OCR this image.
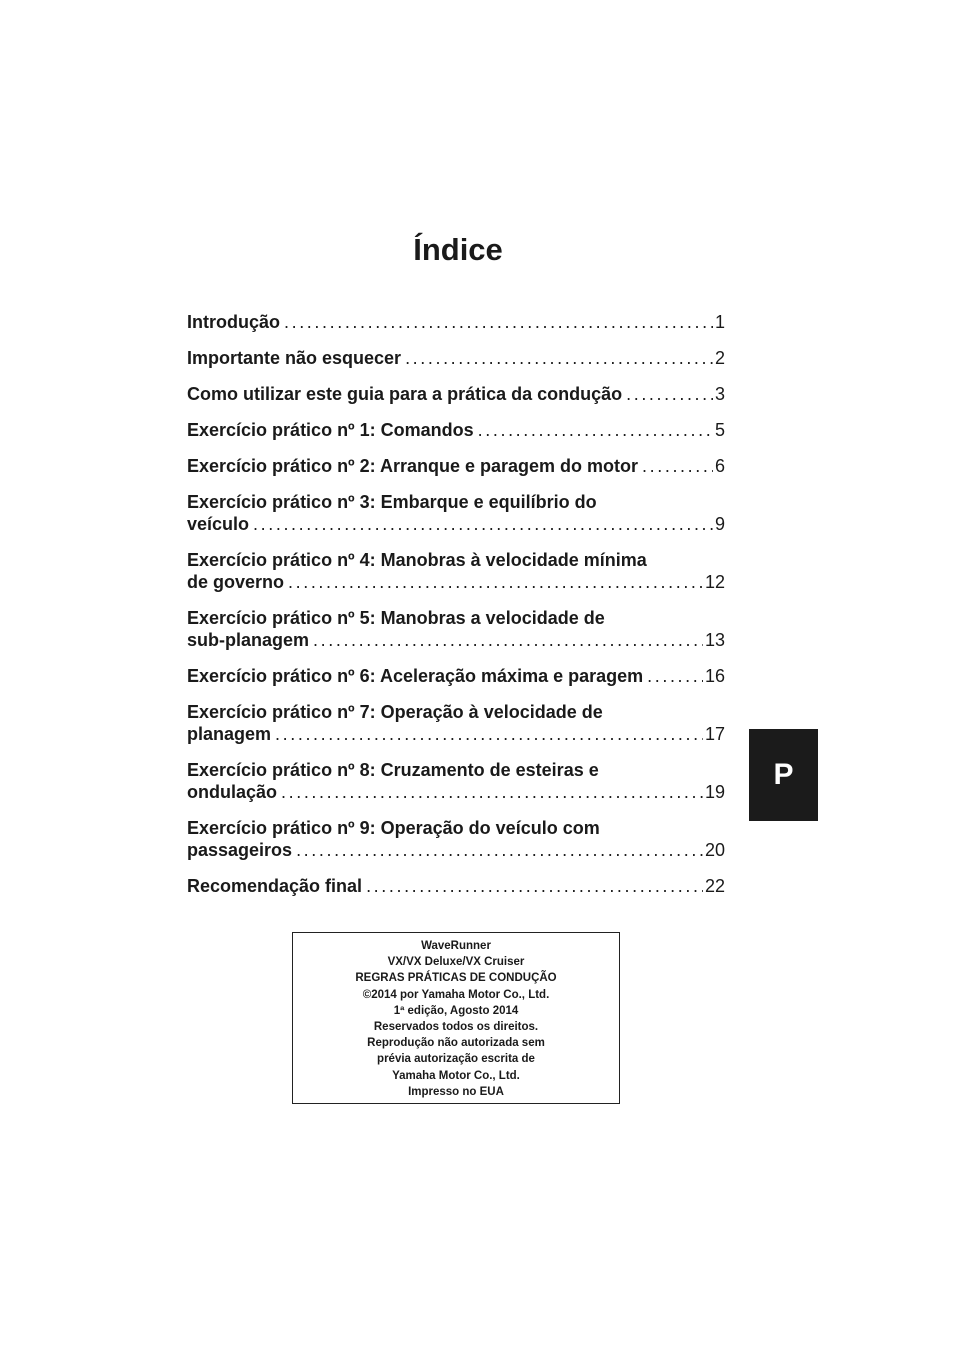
Índice
Introdução . . .	1
Importante não esquecer . . .	2
Como utilizar este guia para a prática da condução . . .	3
Exercício prático nº 1: Comandos . . .	5
Exercício prático nº 2: Arranque e paragem do motor . . .	6
Exercício prático nº 3: Embarque e equilíbrio do
veículo . . .	9
Exercício prático nº 4: Manobras à velocidade mínima
de governo . . .	12
Exercício prático nº 5: Manobras a velocidade de
sub-planagem . . .	13
Exercício prático nº 6: Aceleração máxima e paragem . . .	16
Exercício prático nº 7: Operação à velocidade de
planagem . . .	17
Exercício prático nº 8: Cruzamento de esteiras e
ondulação . . .	19
Exercício prático nº 9: Operação do veículo com
passageiros . . .	20
Recomendação final . . .	22
P
WaveRunner
VX/VX Deluxe/VX Cruiser
REGRAS PRÁTICAS DE CONDUÇÃO
©2014 por Yamaha Motor Co., Ltd.
1ª edição, Agosto 2014
Reservados todos os direitos.
Reprodução não autorizada sem
prévia autorização escrita de
Yamaha Motor Co., Ltd.
Impresso no EUA
